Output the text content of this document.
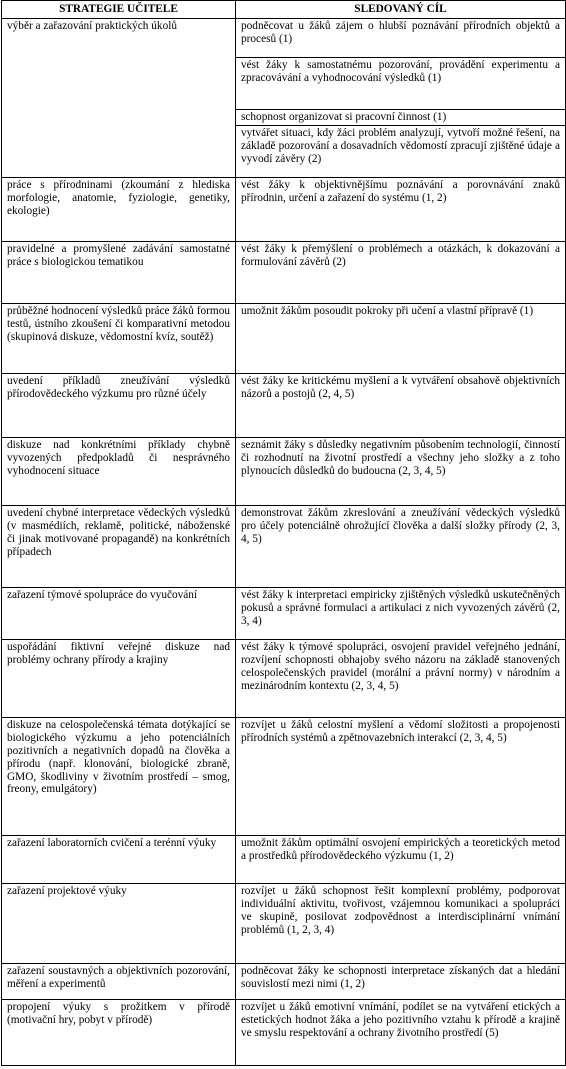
STRATEGIE UČITELE	SLEDOVANÝ CÍL
výběr a zařazování praktických úkolů	podněcovat u žáků zájem o hlubší poznávání přírodních objektů a procesů (1)
	vést žáky k samostatnému pozorování, provádění experimentu a zpracovávání a vyhodnocování výsledků (1)
	schopnost organizovat si pracovní činnost (1)
	vytvářet situaci, kdy žáci problém analyzují, vytvoří možné řešení, na základě pozorování a dosavadních vědomostí zpracují zjištěné údaje a vyvodí závěry (2)
práce s přírodninami (zkoumání z hlediska morfologie, anatomie, fyziologie, genetiky, ekologie)	vést žáky k objektivnějšímu poznávání a porovnávání znaků přírodnin, určení a zařazení do systému (1, 2)
pravidelné a promyšlené zadávání samostatné práce s biologickou tematikou	vést žáky k přemýšlení o problémech a otázkách, k dokazování a formulování závěrů (2)
průběžné hodnocení výsledků práce žáků formou testů, ústního zkoušení či komparativní metodou (skupinová diskuze, vědomostní kvíz, soutěž)	umožnit žákům posoudit pokroky při učení a vlastní přípravě (1)
uvedení příkladů zneužívání výsledků přírodovědeckého výzkumu pro různé účely	vést žáky ke kritickému myšlení a k vytváření obsahově objektivních názorů a postojů (2, 4, 5)
diskuze nad konkrétními příklady chybně vyvozených předpokladů či nesprávného vyhodnocení situace	seznámit žáky s důsledky negativním působením technologií, činností či rozhodnutí na životní prostředí a všechny jeho složky a z toho plynoucích důsledků do budoucna (2, 3, 4, 5)
uvedení chybné interpretace vědeckých výsledků (v masmédiích, reklamě, politické, náboženské či jinak motivované propagandě) na konkrétních případech	demonstrovat žákům zkreslování a zneužívání vědeckých výsledků pro účely potenciálně ohrožující člověka a další složky přírody (2, 3, 4, 5)
zařazení týmové spolupráce do vyučování	vést žáky k interpretaci empiricky zjištěných výsledků uskutečněných pokusů a správné formulaci a artikulaci z nich vyvozených závěrů (2, 3, 4)
uspořádání fiktivní veřejné diskuze nad problémy ochrany přírody a krajiny	vést žáky k týmové spolupráci, osvojení pravidel veřejného jednání, rozvíjení schopnosti obhajoby svého názoru na základě stanovených celospolečenských pravidel (morální a právní normy) v národním a mezinárodním kontextu (2, 3, 4, 5)
diskuze na celospolečenská témata dotýkající se biologického výzkumu a jeho potenciálních pozitivních a negativních dopadů na člověka a přírodu (např. klonování, biologické zbraně, GMO, škodliviny v životním prostředí – smog, freony, emulgátory)	rozvíjet u žáků celostní myšlení a vědomí složitosti a propojenosti přírodních systémů a zpětnovazebních interakcí (2, 3, 4, 5)
zařazení laboratorních cvičení a terénní výuky	umožnit žákům optimální osvojení empirických a teoretických metod a prostředků přírodovědeckého výzkumu (1, 2)
zařazení projektové výuky	rozvíjet u žáků schopnost řešit komplexní problémy, podporovat individuální aktivitu, tvořivost, vzájemnou komunikaci a spolupráci ve skupině, posilovat zodpovědnost a interdisciplinární vnímání problémů (1, 2, 3, 4)
zařazení soustavných a objektivních pozorování, měření a experimentů	podněcovat žáky ke schopnosti interpretace získaných dat a hledání souvislostí mezi nimi (1, 2)
propojení výuky s prožitkem v přírodě (motivační hry, pobyt v přírodě)	rozvíjet u žáků emotivní vnímání, podílet se na vytváření etických a estetických hodnot žáka a jeho pozitivního vztahu k přírodě a krajině ve smyslu respektování a ochrany životního prostředí (5)
